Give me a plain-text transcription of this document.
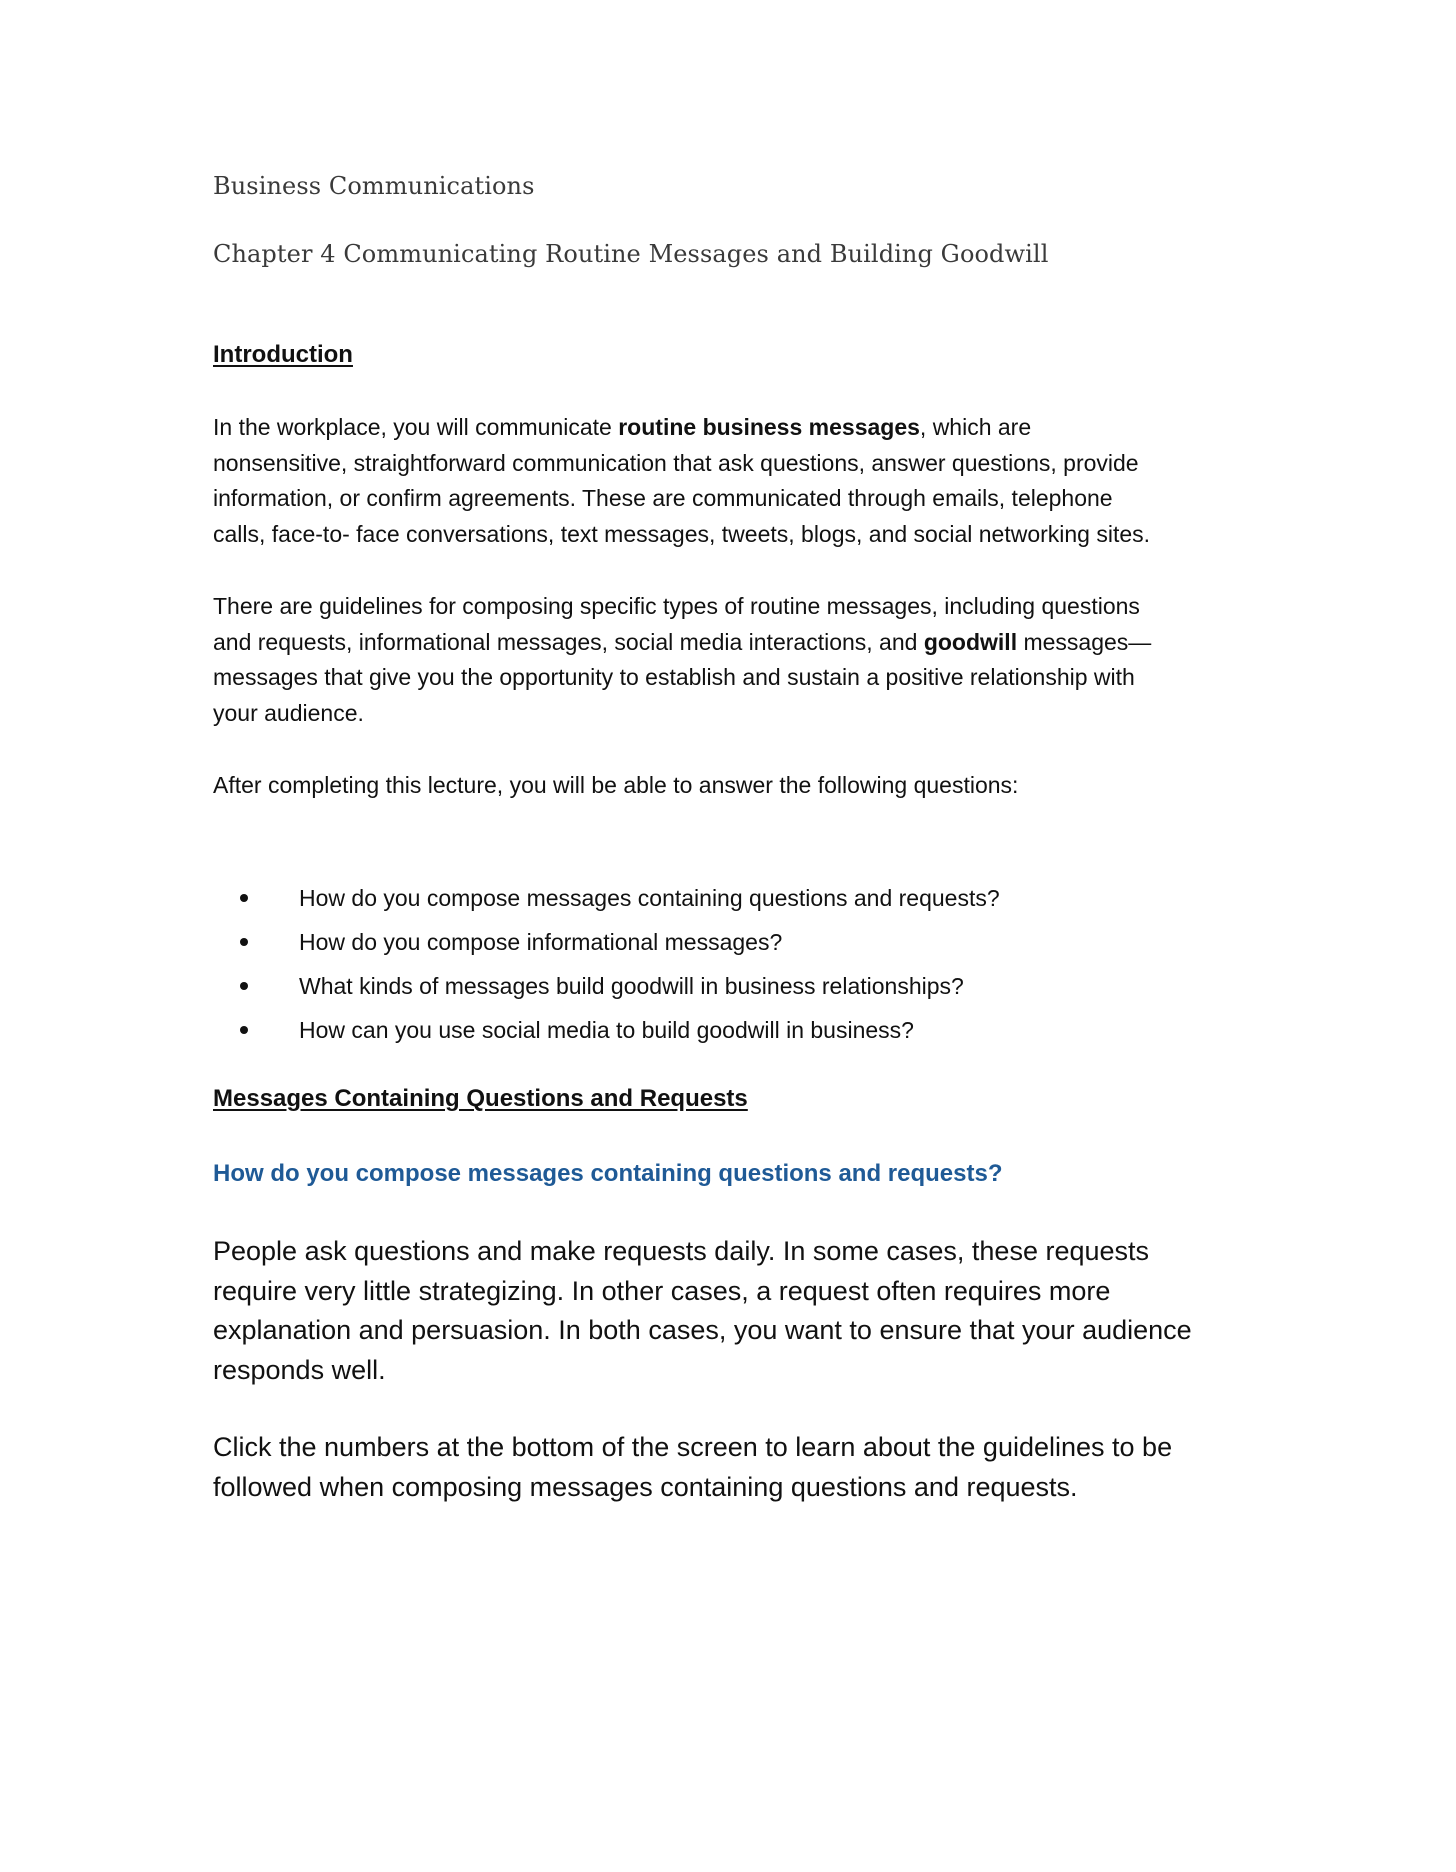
Business Communications
Chapter 4 Communicating Routine Messages and Building Goodwill
Introduction

In the workplace, you will communicate routine business messages, which are
nonsensitive, straightforward communication that ask questions, answer questions, provide
information, or confirm agreements. These are communicated through emails, telephone
calls, face-to- face conversations, text messages, tweets, blogs, and social networking sites.

There are guidelines for composing specific types of routine messages, including questions
and requests, informational messages, social media interactions, and goodwill messages—
messages that give you the opportunity to establish and sustain a positive relationship with
your audience.

After completing this lecture, you will be able to answer the following questions:

How do you compose messages containing questions and requests?
How do you compose informational messages?
What kinds of messages build goodwill in business relationships?
How can you use social media to build goodwill in business?
Messages Containing Questions and Requests
How do you compose messages containing questions and requests?

People ask questions and make requests daily. In some cases, these requests
require very little strategizing. In other cases, a request often requires more
explanation and persuasion. In both cases, you want to ensure that your audience
responds well.

Click the numbers at the bottom of the screen to learn about the guidelines to be
followed when composing messages containing questions and requests.
